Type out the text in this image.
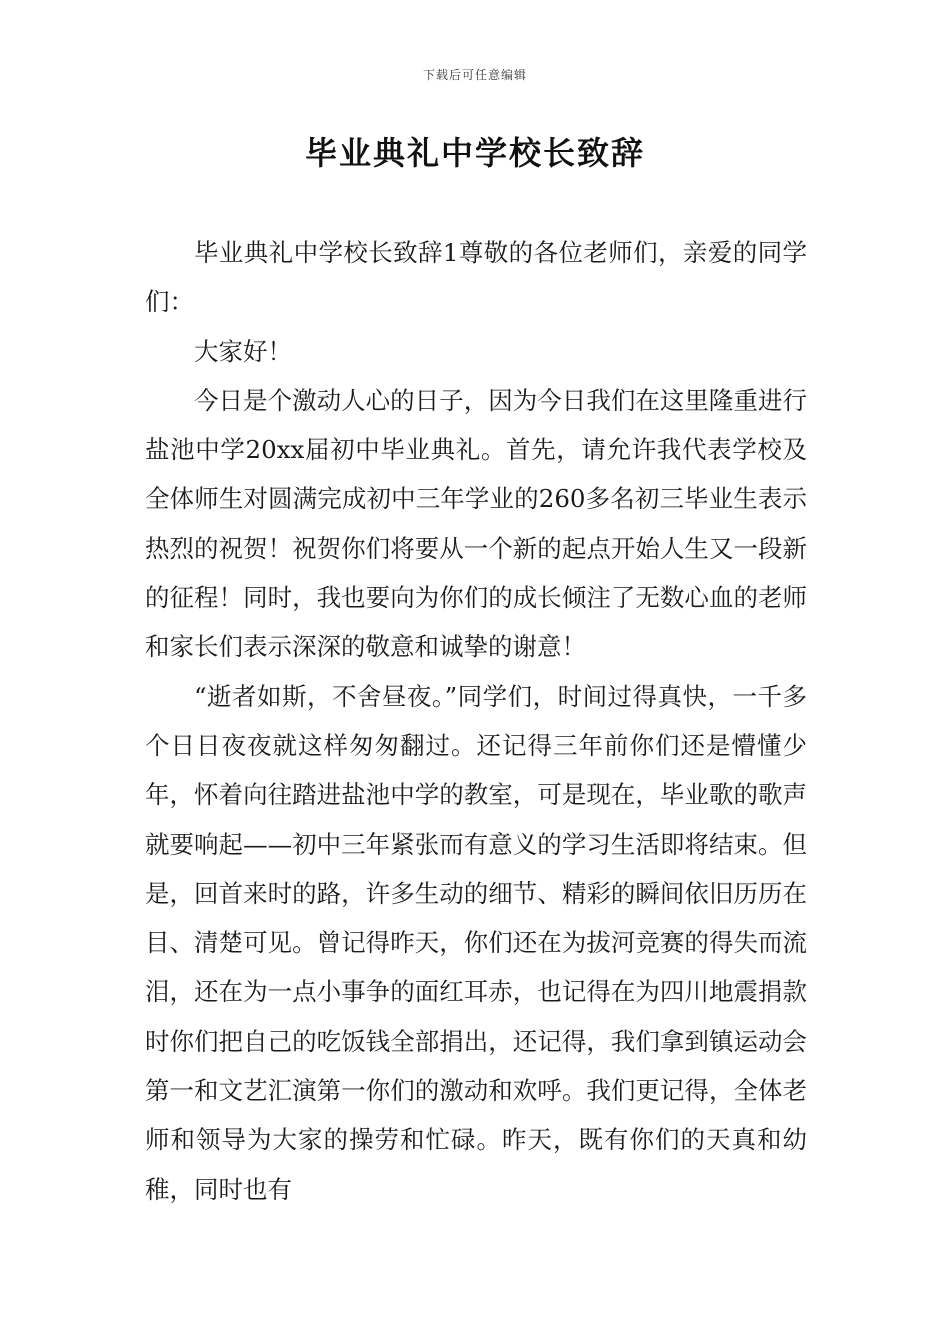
下载后可任意编辑
毕业典礼中学校长致辞

毕业典礼中学校长致辞1尊敬的各位老师们，亲爱的同学们：

大家好！

今日是个激动人心的日子，因为今日我们在这里隆重进行盐池中学20xx届初中毕业典礼。首先，请允许我代表学校及全体师生对圆满完成初中三年学业的260多名初三毕业生表示热烈的祝贺！祝贺你们将要从一个新的起点开始人生又一段新的征程！同时，我也要向为你们的成长倾注了无数心血的老师和家长们表示深深的敬意和诚挚的谢意！

“逝者如斯，不舍昼夜。”同学们，时间过得真快，一千多个日日夜夜就这样匆匆翻过。还记得三年前你们还是懵懂少年，怀着向往踏进盐池中学的教室，可是现在，毕业歌的歌声就要响起——初中三年紧张而有意义的学习生活即将结束。但是，回首来时的路，许多生动的细节、精彩的瞬间依旧历历在目、清楚可见。曾记得昨天，你们还在为拔河竞赛的得失而流泪，还在为一点小事争的面红耳赤，也记得在为四川地震捐款时你们把自己的吃饭钱全部捐出，还记得，我们拿到镇运动会第一和文艺汇演第一你们的激动和欢呼。我们更记得，全体老师和领导为大家的操劳和忙碌。昨天，既有你们的天真和幼稚，同时也有
